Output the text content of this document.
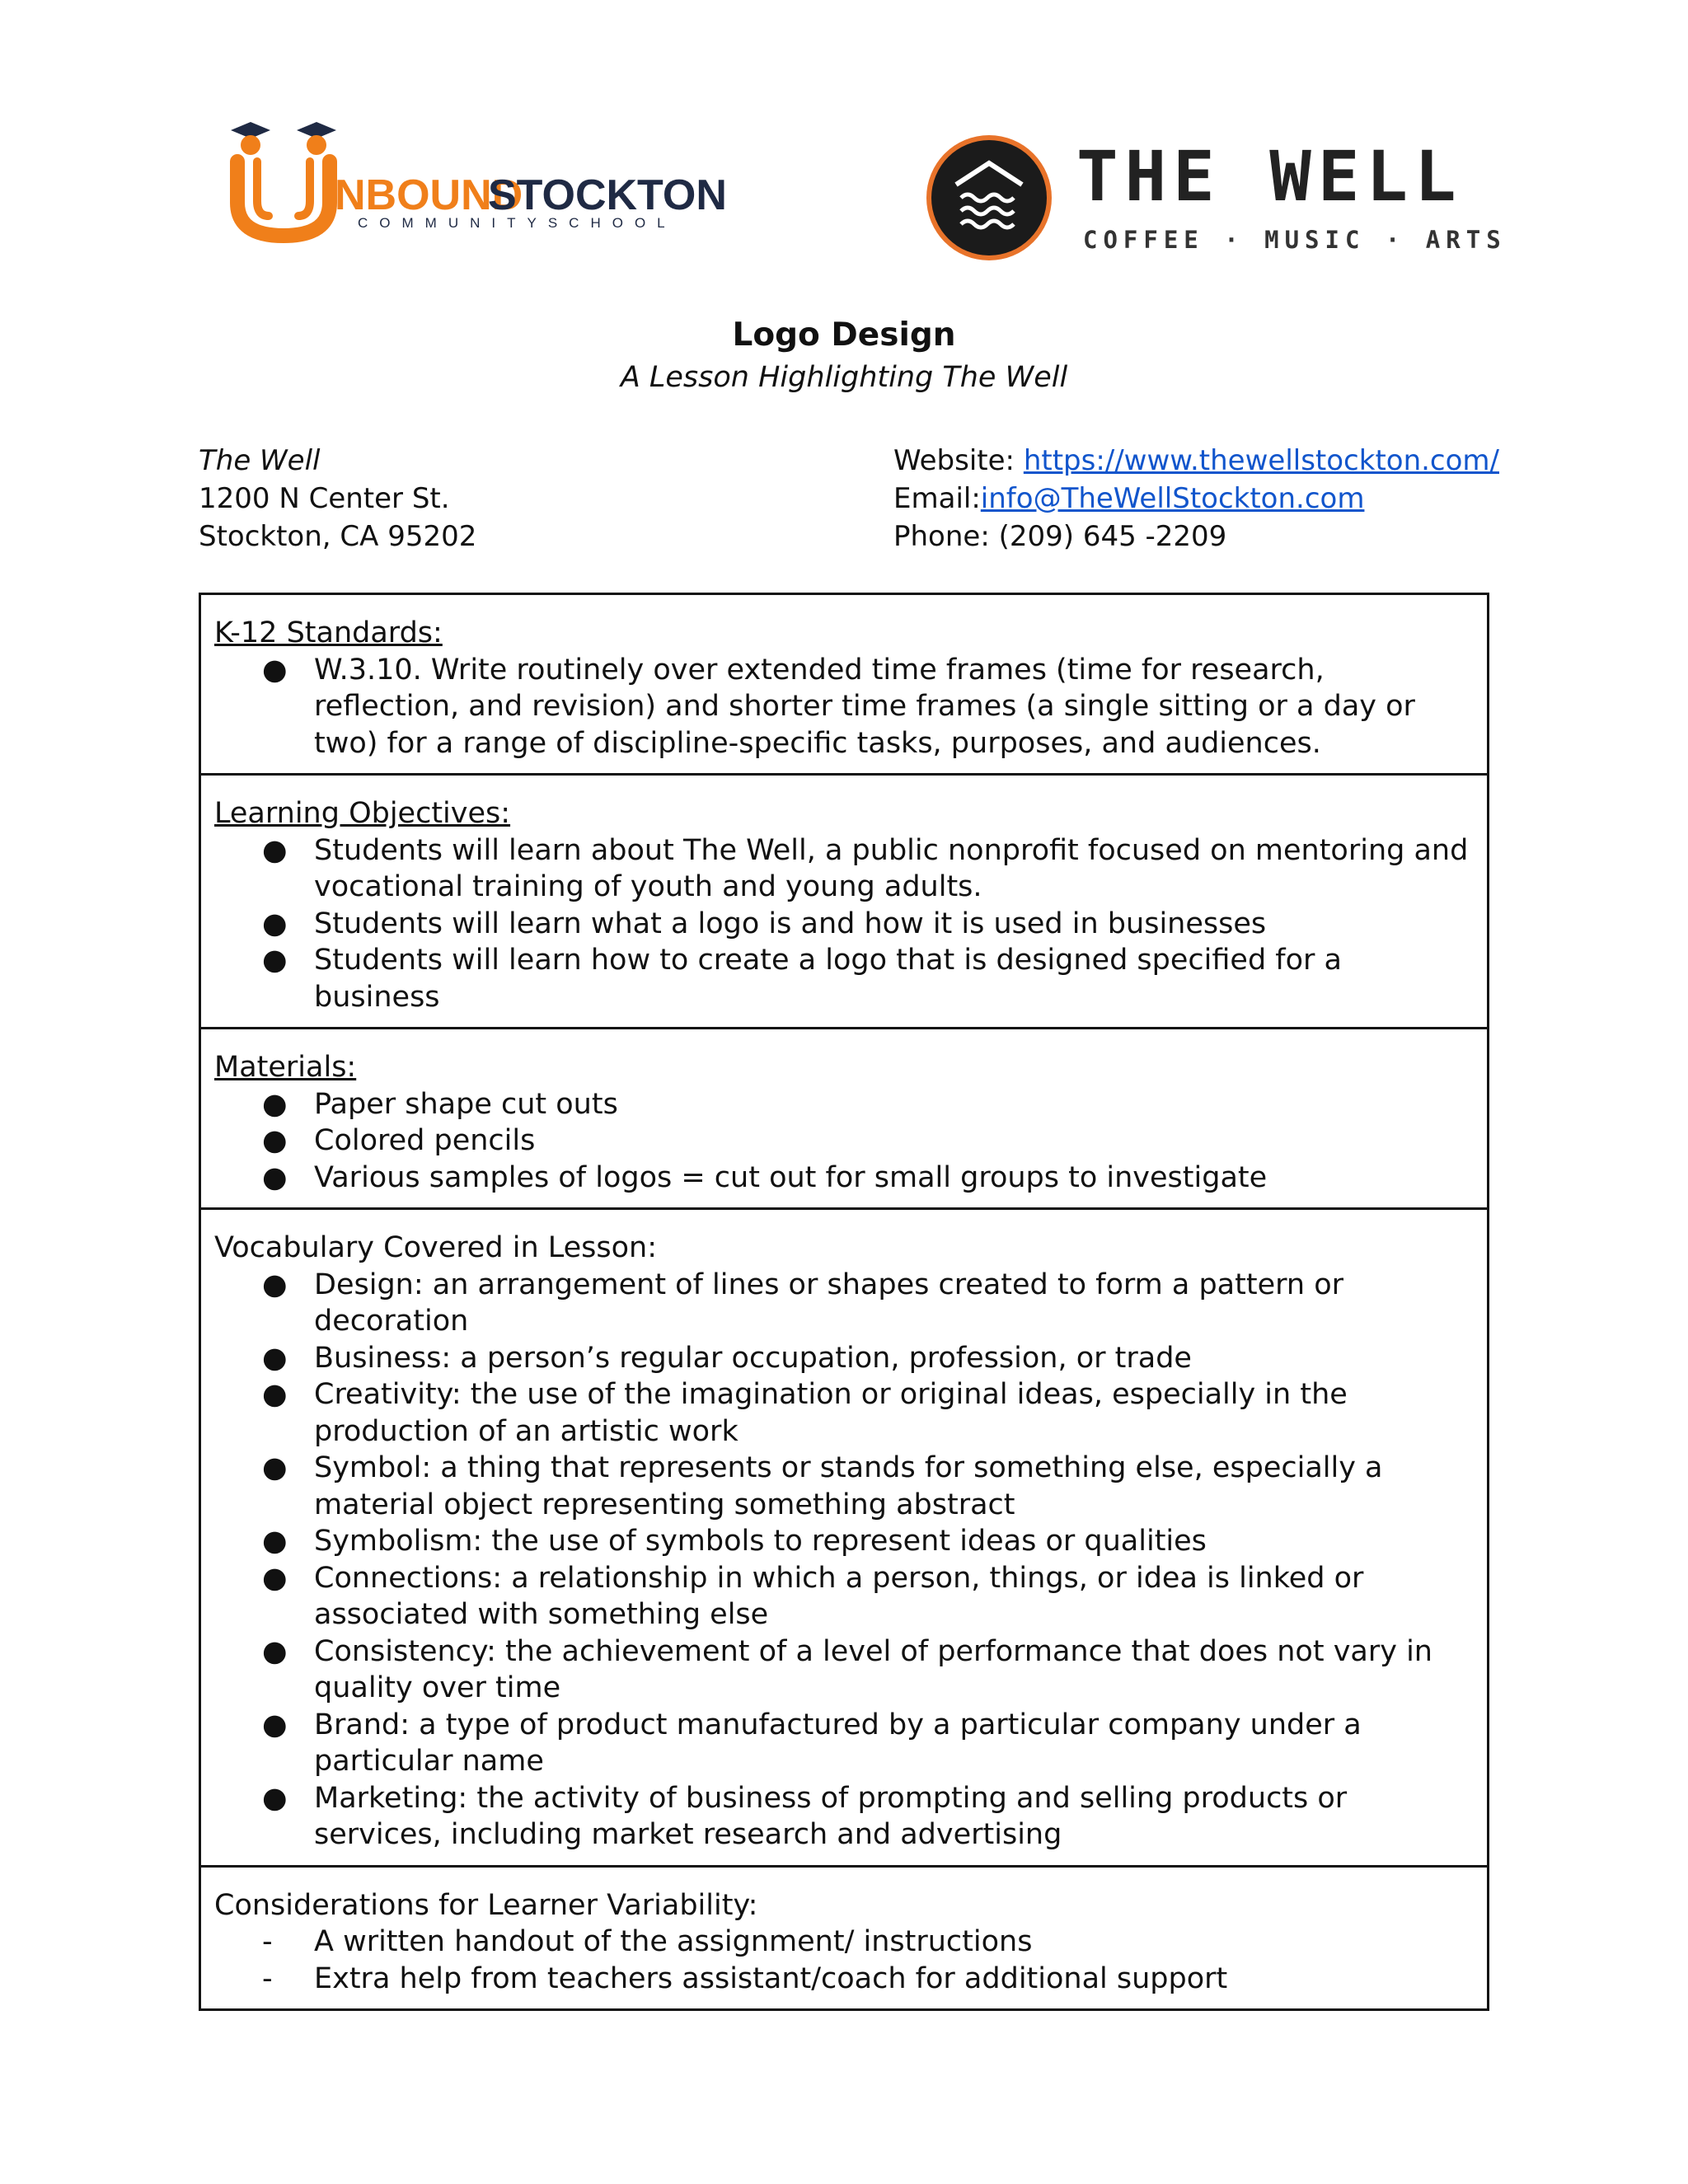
NBOUND
STOCKTON
COMMUNITYSCHOOL
THE WELL
COFFEE · MUSIC · ARTS
Logo Design
A Lesson Highlighting The Well
The Well
1200 N Center St.
Stockton, CA 95202
Website: https://www.thewellstockton.com/
Email:info@TheWellStockton.com
Phone: (209) 645 -2209
K-12 Standards:
● W.3.10. Write routinely over extended time frames (time for research, reflection, and revision) and shorter time frames (a single sitting or a day or two) for a range of discipline-specific tasks, purposes, and audiences.
Learning Objectives:
● Students will learn about The Well, a public nonprofit focused on mentoring and vocational training of youth and young adults.
● Students will learn what a logo is and how it is used in businesses
● Students will learn how to create a logo that is designed specified for a business
Materials:
● Paper shape cut outs
● Colored pencils
● Various samples of logos = cut out for small groups to investigate
Vocabulary Covered in Lesson:
● Design: an arrangement of lines or shapes created to form a pattern or decoration
● Business: a person’s regular occupation, profession, or trade
● Creativity: the use of the imagination or original ideas, especially in the production of an artistic work
● Symbol: a thing that represents or stands for something else, especially a material object representing something abstract
● Symbolism: the use of symbols to represent ideas or qualities
● Connections: a relationship in which a person, things, or idea is linked or associated with something else
● Consistency: the achievement of a level of performance that does not vary in quality over time
● Brand: a type of product manufactured by a particular company under a particular name
● Marketing: the activity of business of prompting and selling products or services, including market research and advertising
Considerations for Learner Variability:
-	A written handout of the assignment/ instructions
-	Extra help from teachers assistant/coach for additional support
